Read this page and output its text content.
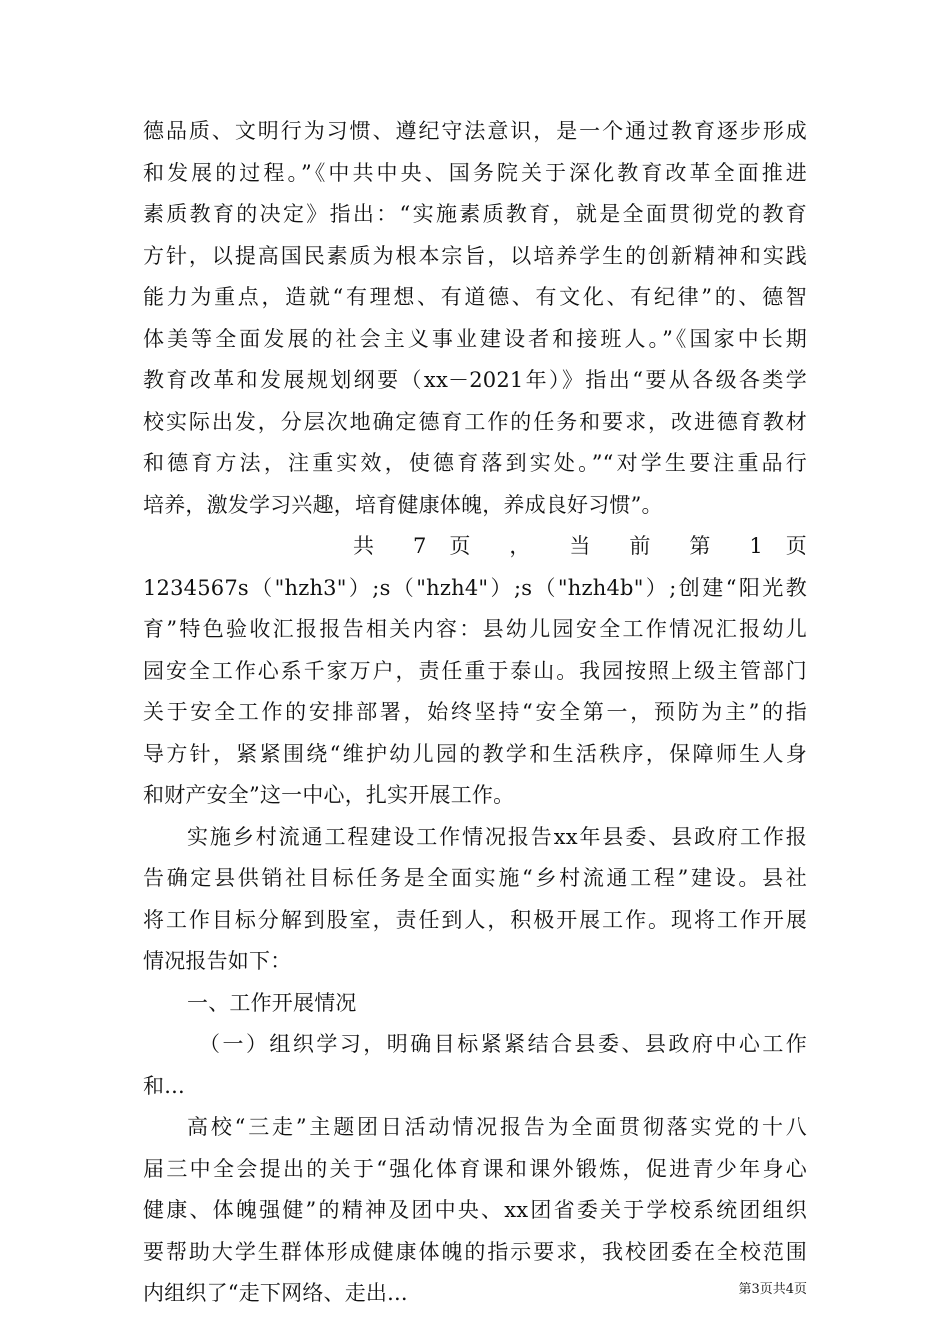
德品质、文明行为习惯、遵纪守法意识，是一个通过教育逐步形成
和发展的过程。”《中共中央、国务院关于深化教育改革全面推进
素质教育的决定》指出：“实施素质教育，就是全面贯彻党的教育
方针，以提高国民素质为根本宗旨，以培养学生的创新精神和实践
能力为重点，造就“有理想、有道德、有文化、有纪律”的、德智
体美等全面发展的社会主义事业建设者和接班人。”《国家中长期
教育改革和发展规划纲要（xx－2021年）》指出“要从各级各类学
校实际出发，分层次地确定德育工作的任务和要求，改进德育教材
和德育方法，注重实效，使德育落到实处。”“对学生要注重品行
培养，激发学习兴趣，培育健康体魄，养成良好习惯”。
共 7 页 ， 当 前 第 1 页
1234567s（"hzh3"）;s（"hzh4"）;s（"hzh4b"）;创建“阳光教
育”特色验收汇报报告相关内容：县幼儿园安全工作情况汇报幼儿
园安全工作心系千家万户，责任重于泰山。我园按照上级主管部门
关于安全工作的安排部署，始终坚持“安全第一，预防为主”的指
导方针，紧紧围绕“维护幼儿园的教学和生活秩序，保障师生人身
和财产安全”这一中心，扎实开展工作。
实施乡村流通工程建设工作情况报告xx年县委、县政府工作报
告确定县供销社目标任务是全面实施“乡村流通工程”建设。县社
将工作目标分解到股室，责任到人，积极开展工作。现将工作开展
情况报告如下：
一、工作开展情况
（一）组织学习，明确目标紧紧结合县委、县政府中心工作
和...
高校“三走”主题团日活动情况报告为全面贯彻落实党的十八
届三中全会提出的关于“强化体育课和课外锻炼，促进青少年身心
健康、体魄强健”的精神及团中央、xx团省委关于学校系统团组织
要帮助大学生群体形成健康体魄的指示要求，我校团委在全校范围
内组织了“走下网络、走出...	第3页共4页
